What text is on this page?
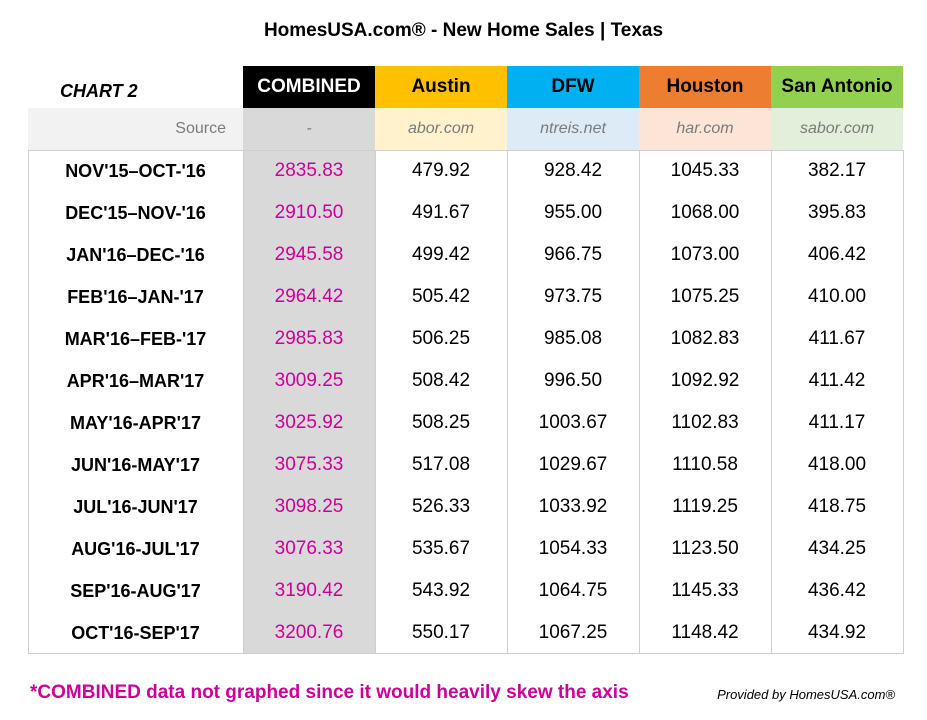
HomesUSA.com® - New Home Sales | Texas
CHART 2	COMBINED	Austin	DFW	Houston	San Antonio
Source	-	abor.com	ntreis.net	har.com	sabor.com
NOV'15–OCT-'16	2835.83	479.92	928.42	1045.33	382.17
DEC'15–NOV-'16	2910.50	491.67	955.00	1068.00	395.83
JAN'16–DEC-'16	2945.58	499.42	966.75	1073.00	406.42
FEB'16–JAN-'17	2964.42	505.42	973.75	1075.25	410.00
MAR'16–FEB-'17	2985.83	506.25	985.08	1082.83	411.67
APR'16–MAR'17	3009.25	508.42	996.50	1092.92	411.42
MAY'16-APR'17	3025.92	508.25	1003.67	1102.83	411.17
JUN'16-MAY'17	3075.33	517.08	1029.67	1110.58	418.00
JUL'16-JUN'17	3098.25	526.33	1033.92	1119.25	418.75
AUG'16-JUL'17	3076.33	535.67	1054.33	1123.50	434.25
SEP'16-AUG'17	3190.42	543.92	1064.75	1145.33	436.42
OCT'16-SEP'17	3200.76	550.17	1067.25	1148.42	434.92
*COMBINED data not graphed since it would heavily skew the axis	Provided by HomesUSA.com®
